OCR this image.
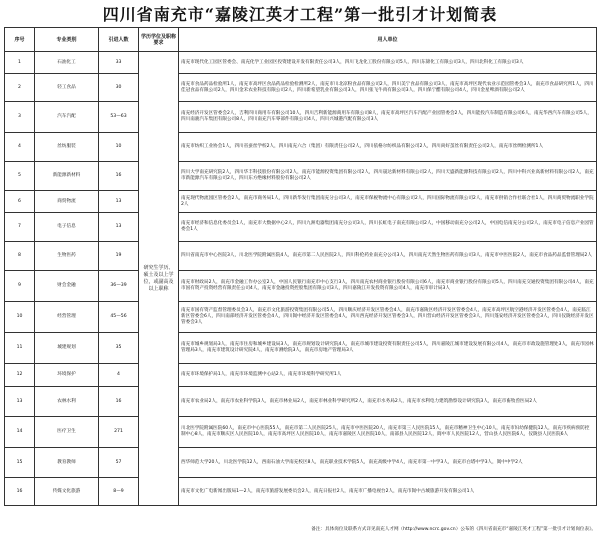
四川省南充市“嘉陵江英才工程”第一批引才计划简表
序号	专业类别	引进人数	学历学位及职称要求	用人单位
1	石油化工	33	研究生学历、硕士及以上学位，或副高及以上职称	南充市现代化工园区管委会、南充化学工业园区投资建设开发有限责任公司3人，四川飞龙化工股份有限公司5人，四川东锦化工有限公司3人，四川北科化工有限公司3人
2	轻工食品	30		南充市食品药品检验所1人，南充市高坪区食品药品检验检测所2人，南充市川北凉粉食品有限公司2人，四川美宁食品有限公司3人，南充市高坪区现代农业示范园管委会3人，南充市食品研究所1人，四川佳冠食品有限公司2人，四川金禾农业科技有限公司2人，四川新希望乳业有限公司3人，四川张飞牛肉有限公司3人，四川保宁醋有限公司4人，四川金星啤酒有限公司2人
3	汽车汽配	53—63		南充经济开发区管委会2人，吉利四川商用车有限公司10人，四川吉利新能源商用车有限公司8人，南充市高坪区汽车汽配产业园管委会2人，四川能投汽车制造有限公司6人，南充华西汽车有限公司5人，四川南骏汽车集团有限公司8人，四川南充汽车零部件有限公司4人，四川兴城港汽配有限公司3人
4	丝纺服装	10		南充市纺织工业协会1人，四川省蚕丝学校2人，四川南充六合（集团）有限责任公司2人，四川依格尔纺织品有限公司2人，四川尚好茧丝有限责任公司2人，南充市丝绸检测所1人
5	新能源新材料	16		四川大学南充研究院2人，四川华丰科技股份有限公司2人，南充市能源投资集团有限公司2人，四川晟达新材料有限公司2人，四川天盛新能源科技有限公司2人，四川中科兴业高新材料有限公司2人，南充市新能源汽车有限公司2人，四川东方绝缘材料股份有限公司2人
6	商贸物流	13		南充现代物流园区管委会2人，南充市商务局1人，四川新华发行集团南充分公司3人，南充市保税物流中心有限公司2人，四川国际物流有限公司2人，南充市供销合作社联合社1人，四川商贸物流职业学院2人
7	电子信息	13		南充市经济和信息化委员会1人，南充市大数据中心2人，四川九洲电器集团南充分公司3人，四川长虹电子南充有限公司2人，中国移动南充分公司2人，中国电信南充分公司2人，南充市电子信息产业园管委会1人
8	生物医药	19		四川省南充市中心医院3人，川北医学院附属医院4人，南充市第二人民医院2人，四川科伦药业南充分公司3人，四川南充天然生物医药有限公司3人，南充市中医医院2人，南充市食品药品监督管理局2人
9	财会金融	36—39		南充市财政局2人，南充市金融工作办公室2人，中国人民银行南充市中心支行3人，四川南充农村商业银行股份有限公司6人，南充市商业银行股份有限公司5人，四川南充交通投资集团有限公司4人，南充市国有资产投资经营有限责任公司4人，南充市金融投资控股集团有限公司3人，四川嘉陵江开发投资有限公司4人，南充市审计局3人
10	经营管理	45—56		南充市国有资产监督管理委员会3人，南充市文化旅游投资集团有限公司5人，四川顺庆经济开发区管委会4人，南充市嘉陵区经济开发区管委会4人，南充市高坪区航空港经济开发区管委会4人，南充临江新区管委会6人，四川南部经济开发区管委会4人，四川阆中经济开发区管委会4人，四川西充经济开发区管委会3人，四川营山经济开发区管委会3人，四川蓬安经济开发区管委会3人，四川仪陇经济开发区管委会3人
11	城建规划	35		南充市城乡规划局3人，南充市住房和城乡建设局3人，南充市规划设计研究院4人，南充市城市建设投资有限责任公司5人，四川嘉陵江城市建设发展有限公司4人，南充市市政设施管理处3人，南充市园林管理局3人，南充市建筑设计研究院4人，南充市测绘院3人，南充市房地产管理局3人
12	环境保护	4		南充市环境保护局1人，南充市环境监测中心站2人，南充市环境科学研究所1人
13	农林水利	16		南充市农业局2人，南充市农业科学院3人，南充市林业局2人，南充市林业科学研究所2人，南充市水务局2人，南充市水利电力建筑勘察设计研究院3人，南充市畜牧兽医局2人
14	医疗卫生	271		川北医学院附属医院60人，南充市中心医院55人，南充市第二人民医院25人，南充市中医医院20人，南充市第三人民医院15人，南充市精神卫生中心10人，南充市妇幼保健院12人，南充市疾病预防控制中心8人，南充市顺庆区人民医院10人，南充市高坪区人民医院10人，南充市嘉陵区人民医院10人，南部县人民医院12人，阆中市人民医院12人，营山县人民医院6人，仪陇县人民医院6人
15	教育教师	57		西华师范大学20人，川北医学院12人，西南石油大学南充校区8人，南充职业技术学院5人，南充高级中学4人，南充市第一中学3人，南充市白塔中学3人，阆中中学2人
16	传媒文化旅游	8—9		南充市文化广电新闻出版局1—2人，南充市旅游发展委员会2人，南充日报社2人，南充市广播电视台2人，南充市阆中古城旅游开发有限公司1人
备注：具体岗位及联系方式详见南充人才网（http://www.ncrc.gov.cn）公布的《四川省南充市“嘉陵江英才工程”第一批引才计划岗位表》。
